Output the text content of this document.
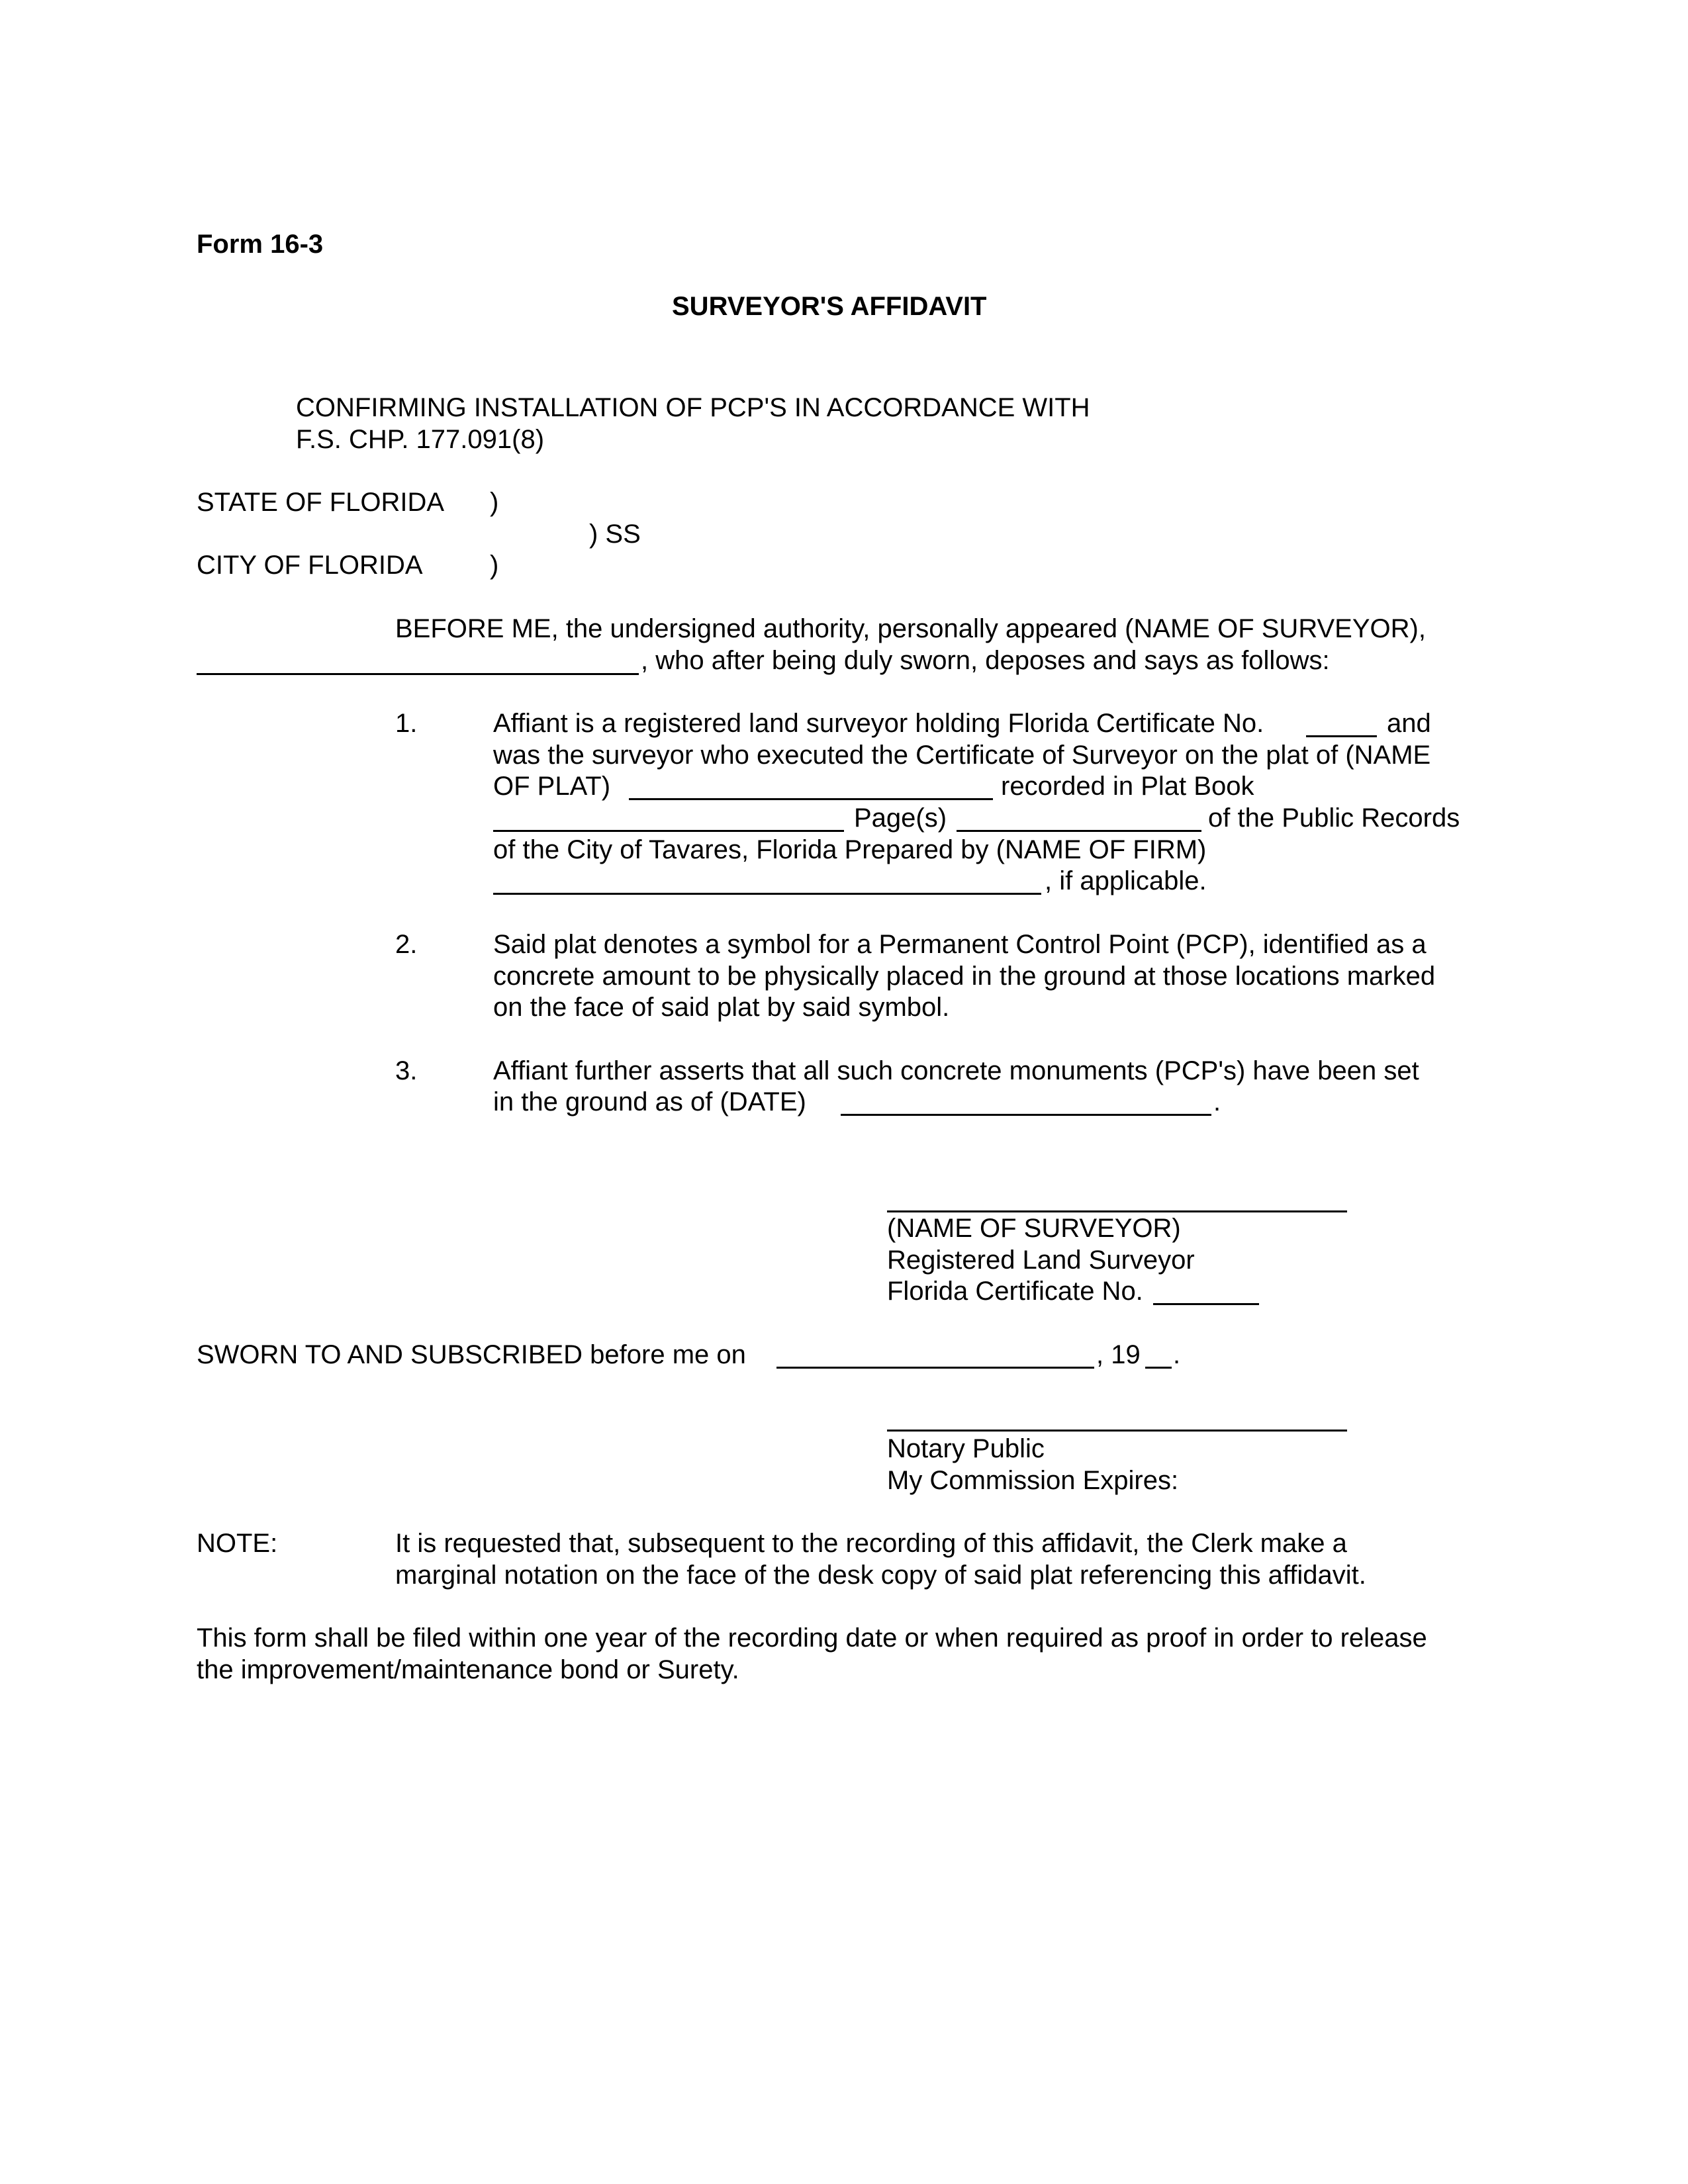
Form 16-3
SURVEYOR'S AFFIDAVIT
CONFIRMING INSTALLATION OF PCP'S IN ACCORDANCE WITH
F.S. CHP. 177.091(8)
STATE OF FLORIDA )
) SS
CITY OF FLORIDA	)
BEFORE ME, the undersigned authority, personally appeared (NAME OF SURVEYOR),
, who after being duly sworn, deposes and says as follows:
1.	Affiant is a registered land surveyor holding Florida Certificate No.	and
was the surveyor who executed the Certificate of Surveyor on the plat of (NAME
OF PLAT)	recorded in Plat Book
Page(s)	of the Public Records
of the City of Tavares, Florida Prepared by (NAME OF FIRM)
, if applicable.
2.	Said plat denotes a symbol for a Permanent Control Point (PCP), identified as a
concrete amount to be physically placed in the ground at those locations marked
on the face of said plat by said symbol.
3.	Affiant further asserts that all such concrete monuments (PCP's) have been set
in the ground as of (DATE)	.
(NAME OF SURVEYOR)
Registered Land Surveyor
Florida Certificate No.
SWORN TO AND SUBSCRIBED before me on	, 19 .
Notary Public
My Commission Expires:
NOTE:	It is requested that, subsequent to the recording of this affidavit, the Clerk make a
marginal notation on the face of the desk copy of said plat referencing this affidavit.
This form shall be filed within one year of the recording date or when required as proof in order to release
the improvement/maintenance bond or Surety.
